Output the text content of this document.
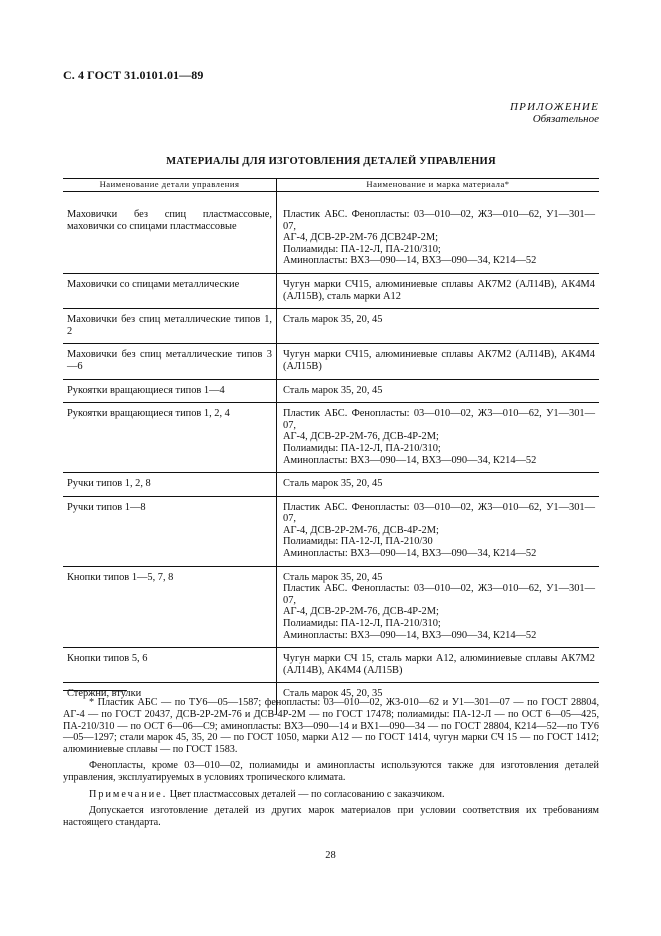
С. 4 ГОСТ 31.0101.01—89
ПРИЛОЖЕНИЕ
Обязательное
МАТЕРИАЛЫ ДЛЯ ИЗГОТОВЛЕНИЯ ДЕТАЛЕЙ УПРАВЛЕНИЯ
Наименование детали управления	Наименование и марка материала*

Маховички без спиц пластмассовые, маховички со спицами пластмассовые	Пластик АБС. Фенопласты: 03—010—02, Ж3—010—62, У1—301—07,
АГ-4, ДСВ-2Р-2М-76 ДСВ24Р-2М;
Полиамиды: ПА-12-Л, ПА-210/310;
Аминопласты: ВХ3—090—14, ВХ3—090—34, К214—52

Маховички со спицами металлические	Чугун марки СЧ15, алюминиевые сплавы АК7М2 (АЛ14В), АК4М4 (АЛ15В), сталь марки А12

Маховички без спиц металлические типов 1, 2	Сталь марок 35, 20, 45

Маховички без спиц металлические типов 3—6	Чугун марки СЧ15, алюминиевые сплавы АК7М2 (АЛ14В), АК4М4 (АЛ15В)

Рукоятки вращающиеся типов 1—4	Сталь марок 35, 20, 45

Рукоятки вращающиеся типов 1, 2, 4	Пластик АБС. Фенопласты: 03—010—02, Ж3—010—62, У1—301—07,
АГ-4, ДСВ-2Р-2М-76, ДСВ-4Р-2М;
Полиамиды: ПА-12-Л, ПА-210/310;
Аминопласты: ВХ3—090—14, ВХ3—090—34, К214—52

Ручки типов 1, 2, 8	Сталь марок 35, 20, 45

Ручки типов 1—8	Пластик АБС. Фенопласты: 03—010—02, Ж3—010—62, У1—301—07,
АГ-4, ДСВ-2Р-2М-76, ДСВ-4Р-2М;
Полиамиды: ПА-12-Л, ПА-210/30
Аминопласты: ВХ3—090—14, ВХ3—090—34, К214—52

Кнопки типов 1—5, 7, 8	Сталь марок 35, 20, 45
Пластик АБС. Фенопласты: 03—010—02, Ж3—010—62, У1—301—07,
АГ-4, ДСВ-2Р-2М-76, ДСВ-4Р-2М;
Полиамиды: ПА-12-Л, ПА-210/310;
Аминопласты: ВХ3—090—14, ВХ3—090—34, К214—52

Кнопки типов 5, 6	Чугун марки СЧ 15, сталь марки А12, алюминиевые сплавы АК7М2 (АЛ14В), АК4М4 (АЛ15В)

Стержни, втулки	Сталь марок 45, 20, 35

* Пластик АБС — по ТУ6—05—1587; фенопласты: 03—010—02, Ж3-010—62 и У1—301—07 — по ГОСТ 28804, АГ-4 — по ГОСТ 20437, ДСВ-2Р-2М-76 и ДСВ-4Р-2М — по ГОСТ 17478; полиамиды: ПА-12-Л — по ОСТ 6—05—425, ПА-210/310 — по ОСТ 6—06—С9; аминопласты: ВХ3—090—14 и ВХ1—090—34 — по ГОСТ 28804, К214—52—по ТУ6—05—1297; стали марок 45, 35, 20 — по ГОСТ 1050, марки А12 — по ГОСТ 1414, чугун марки СЧ 15 — по ГОСТ 1412; алюминиевые сплавы — по ГОСТ 1583.

Фенопласты, кроме 03—010—02, полиамиды и аминопласты используются также для изготовления деталей управления, эксплуатируемых в условиях тропического климата.

Примечание. Цвет пластмассовых деталей — по согласованию с заказчиком.

Допускается изготовление деталей из других марок материалов при условии соответствия их требованиям настоящего стандарта.

28
